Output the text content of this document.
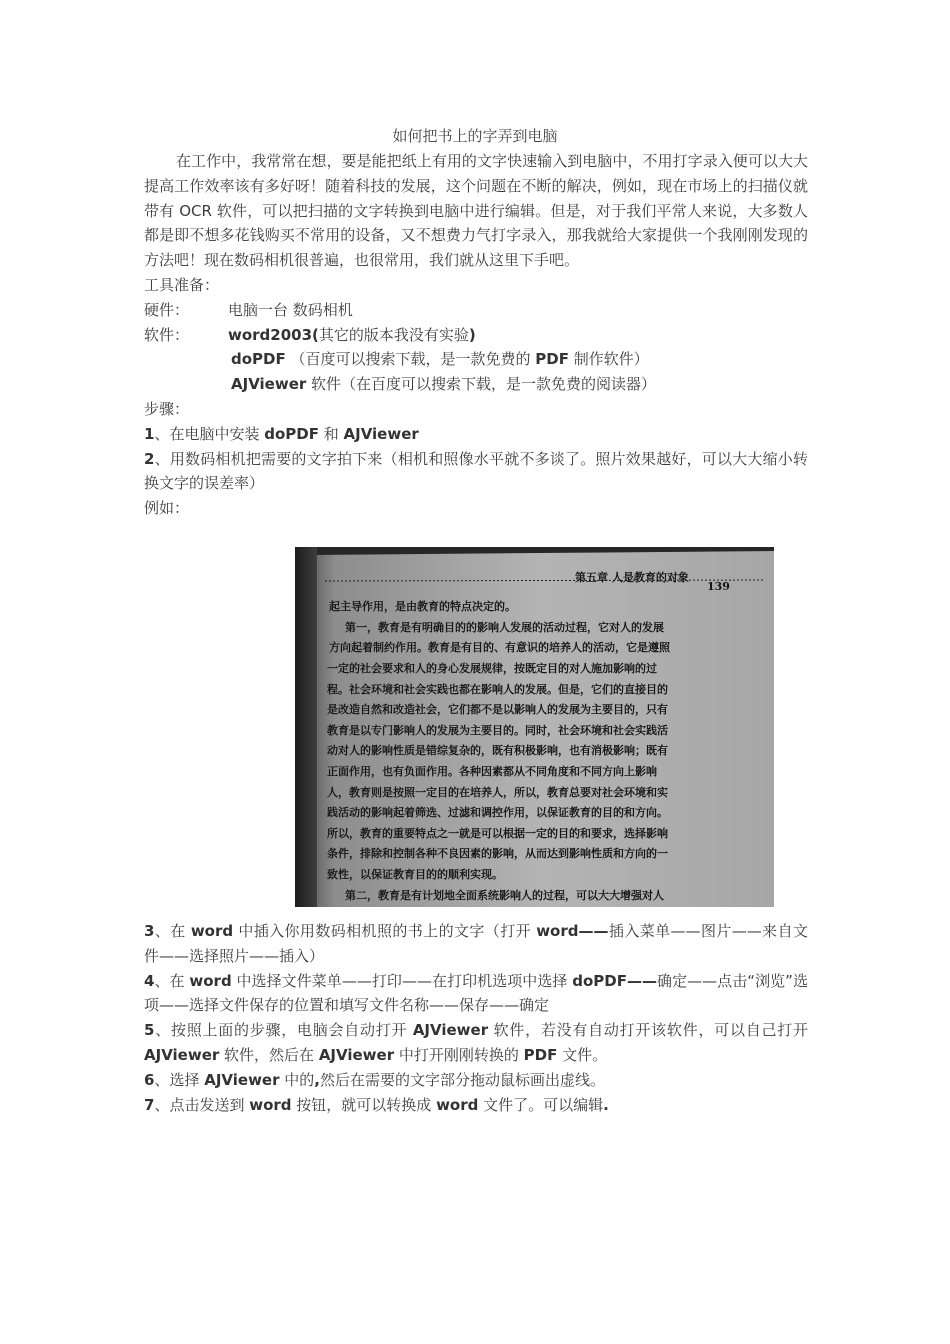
如何把书上的字弄到电脑

在工作中，我常常在想，要是能把纸上有用的文字快速输入到电脑中，不用打字录入便可以大大提高工作效率该有多好呀！随着科技的发展，这个问题在不断的解决，例如，现在市场上的扫描仪就带有 OCR 软件，可以把扫描的文字转换到电脑中进行编辑。但是，对于我们平常人来说，大多数人都是即不想多花钱购买不常用的设备，又不想费力气打字录入，那我就给大家提供一个我刚刚发现的方法吧！现在数码相机很普遍，也很常用，我们就从这里下手吧。

工具准备：

硬件：	电脑一台 数码相机
软件：	word2003(其它的版本我没有实验)
doPDF （百度可以搜索下载，是一款免费的 PDF 制作软件）
AJViewer 软件（在百度可以搜索下载，是一款免费的阅读器）

步骤：

1、在电脑中安装 doPDF 和 AJViewer

2、用数码相机把需要的文字拍下来（相机和照像水平就不多谈了。照片效果越好，可以大大缩小转换文字的误差率）

例如：

第五章 人是教育的对象
139
起主导作用，是由教育的特点决定的。
第一，教育是有明确目的的影响人发展的活动过程，它对人的发展
方向起着制约作用。教育是有目的、有意识的培养人的活动，它是遵照
一定的社会要求和人的身心发展规律，按既定目的对人施加影响的过
程。社会环境和社会实践也都在影响人的发展。但是，它们的直接目的
是改造自然和改造社会，它们都不是以影响人的发展为主要目的，只有
教育是以专门影响人的发展为主要目的。同时，社会环境和社会实践活
动对人的影响性质是错综复杂的，既有积极影响，也有消极影响；既有
正面作用，也有负面作用。各种因素都从不同角度和不同方向上影响
人，教育则是按照一定目的在培养人，所以，教育总要对社会环境和实
践活动的影响起着筛选、过滤和调控作用，以保证教育的目的和方向。
所以，教育的重要特点之一就是可以根据一定的目的和要求，选择影响
条件，排除和控制各种不良因素的影响，从而达到影响性质和方向的一
致性，以保证教育目的的顺利实现。
第二，教育是有计划地全面系统影响人的过程，可以大大增强对人

3、在 word 中插入你用数码相机照的书上的文字（打开 word——插入菜单——图片——来自文件——选择照片——插入）

4、在 word 中选择文件菜单——打印——在打印机选项中选择 doPDF——确定——点击“浏览”选项——选择文件保存的位置和填写文件名称——保存——确定

5、按照上面的步骤，电脑会自动打开 AJViewer 软件，若没有自动打开该软件，可以自己打开 AJViewer 软件，然后在 AJViewer 中打开刚刚转换的 PDF 文件。

6、选择 AJViewer 中的,然后在需要的文字部分拖动鼠标画出虚线。

7、点击发送到 word 按钮，就可以转换成 word 文件了。可以编辑.
